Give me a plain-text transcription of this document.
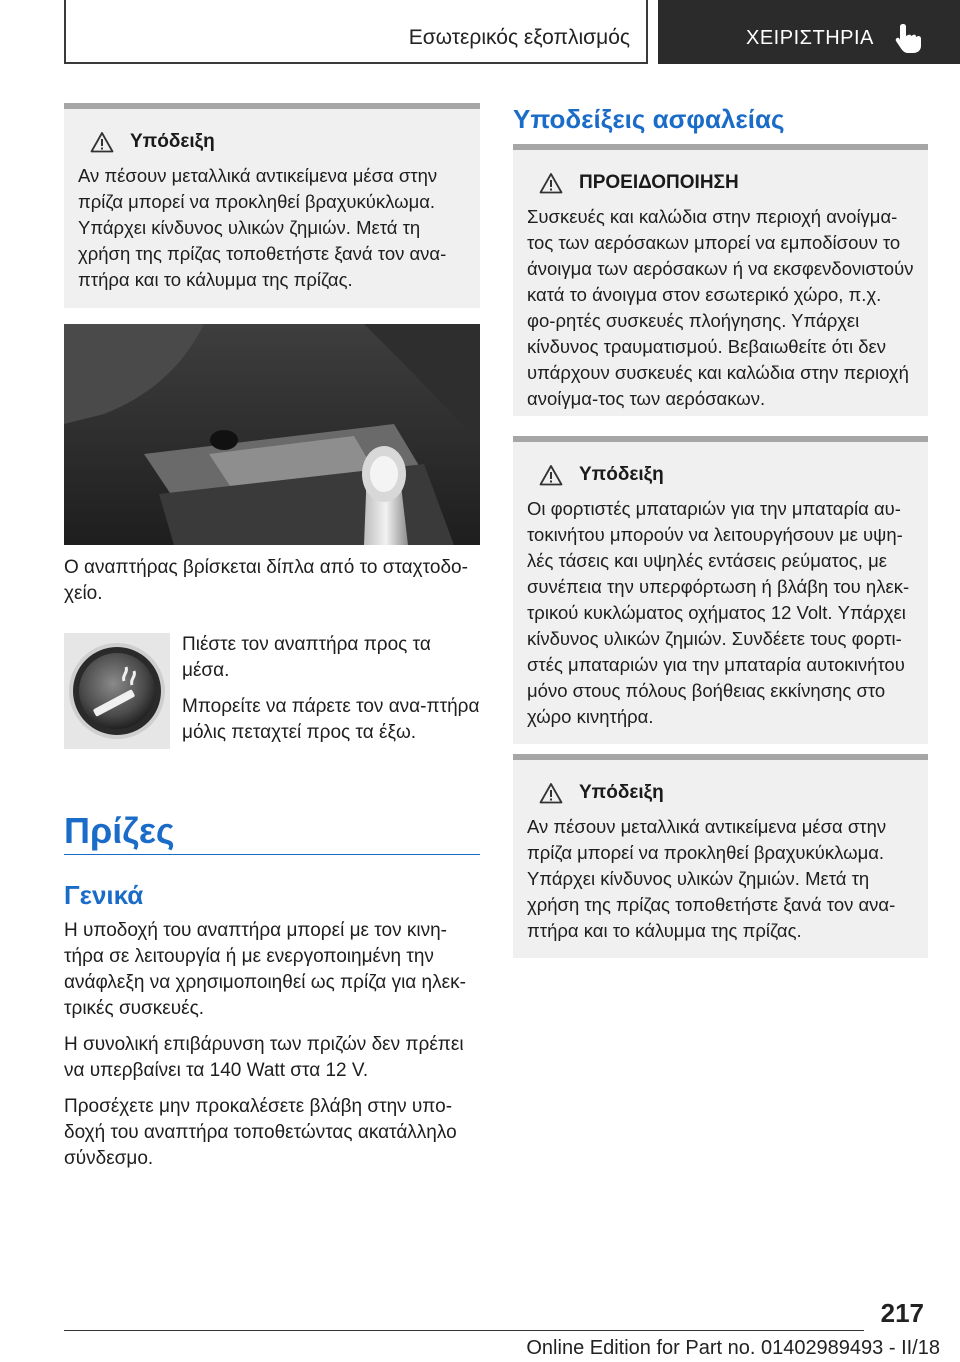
Εσωτερικός εξοπλισμός	ΧΕΙΡΙΣΤΗΡΙΑ
Υπόδειξη
Αν πέσουν μεταλλικά αντικείμενα μέσα στην πρίζα μπορεί να προκληθεί βραχυκύκλωμα. Υπάρχει κίνδυνος υλικών ζημιών. Μετά τη χρήση της πρίζας τοποθετήστε ξανά τον ανα-πτήρα και το κάλυμμα της πρίζας.
Ο αναπτήρας βρίσκεται δίπλα από το σταχτοδο-χείο.
Πιέστε τον αναπτήρα προς τα μέσα.
Μπορείτε να πάρετε τον ανα-πτήρα μόλις πεταχτεί προς τα έξω.
Πρίζες
Γενικά
Η υποδοχή του αναπτήρα μπορεί με τον κινη-τήρα σε λειτουργία ή με ενεργοποιημένη την ανάφλεξη να χρησιμοποιηθεί ως πρίζα για ηλεκ-τρικές συσκευές.
Η συνολική επιβάρυνση των πριζών δεν πρέπει να υπερβαίνει τα 140 Watt στα 12 V.
Προσέχετε μην προκαλέσετε βλάβη στην υπο-δοχή του αναπτήρα τοποθετώντας ακατάλληλο σύνδεσμο.
Υποδείξεις ασφαλείας
ΠΡΟΕΙΔΟΠΟΙΗΣΗ
Συσκευές και καλώδια στην περιοχή ανοίγμα-τος των αερόσακων μπορεί να εμποδίσουν το άνοιγμα των αερόσακων ή να εκσφενδονιστούν κατά το άνοιγμα στον εσωτερικό χώρο, π.χ. φο-ρητές συσκευές πλοήγησης. Υπάρχει κίνδυνος τραυματισμού. Βεβαιωθείτε ότι δεν υπάρχουν συσκευές και καλώδια στην περιοχή ανοίγμα-τος των αερόσακων.
Υπόδειξη
Οι φορτιστές μπαταριών για την μπαταρία αυ-τοκινήτου μπορούν να λειτουργήσουν με υψη-λές τάσεις και υψηλές εντάσεις ρεύματος, με συνέπεια την υπερφόρτωση ή βλάβη του ηλεκ-τρικού κυκλώματος οχήματος 12 Volt. Υπάρχει κίνδυνος υλικών ζημιών. Συνδέετε τους φορτι-στές μπαταριών για την μπαταρία αυτοκινήτου μόνο στους πόλους βοήθειας εκκίνησης στο χώρο κινητήρα.
Υπόδειξη
Αν πέσουν μεταλλικά αντικείμενα μέσα στην πρίζα μπορεί να προκληθεί βραχυκύκλωμα. Υπάρχει κίνδυνος υλικών ζημιών. Μετά τη χρήση της πρίζας τοποθετήστε ξανά τον ανα-πτήρα και το κάλυμμα της πρίζας.
217
Online Edition for Part no. 01402989493 - II/18
